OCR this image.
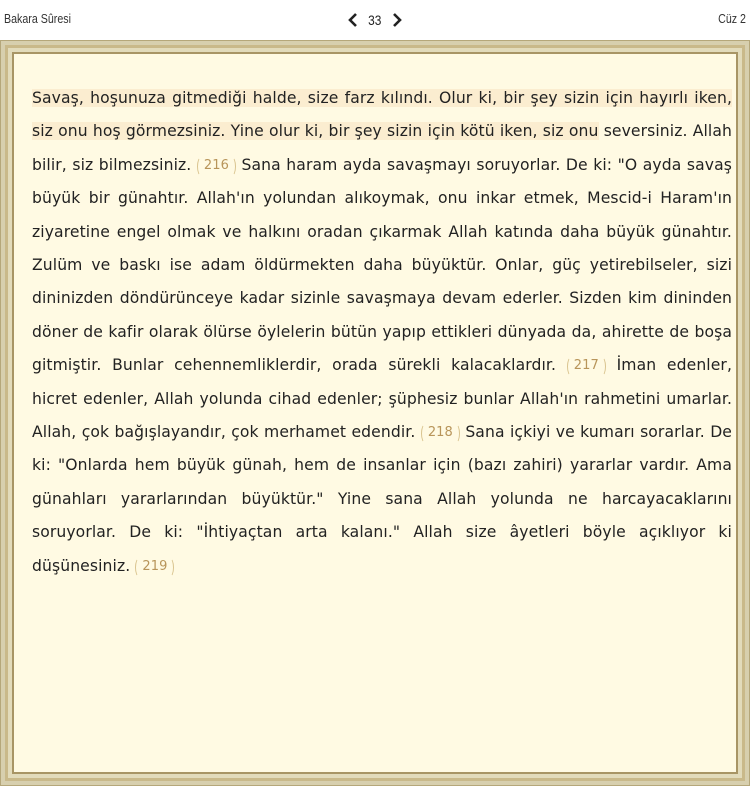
Bakara Sûresi	33	Cüz 2
Savaş, hoşunuza gitmediği halde, size farz kılındı. Olur ki, bir şey sizin için hayırlı iken, siz onu hoş görmezsiniz. Yine olur ki, bir şey sizin için kötü iken, siz onu seversiniz. Allah bilir, siz bilmezsiniz. 216 Sana haram ayda savaşmayı soruyorlar. De ki: "O ayda savaş büyük bir günahtır. Allah'ın yolundan alıkoymak, onu inkar etmek, Mescid-i Haram'ın ziyaretine engel olmak ve halkını oradan çıkarmak Allah katında daha büyük günahtır. Zulüm ve baskı ise adam öldürmekten daha büyüktür. Onlar, güç yetirebilseler, sizi dininizden döndürünceye kadar sizinle savaşmaya devam ederler. Sizden kim dininden döner de kafir olarak ölürse öylelerin bütün yapıp ettikleri dünyada da, ahirette de boşa gitmiştir. Bunlar cehennemliklerdir, orada sürekli kalacaklardır. 217 İman edenler, hicret edenler, Allah yolunda cihad edenler; şüphesiz bunlar Allah'ın rahmetini umarlar. Allah, çok bağışlayandır, çok merhamet edendir. 218 Sana içkiyi ve kumarı sorarlar. De ki: "Onlarda hem büyük günah, hem de insanlar için (bazı zahiri) yararlar vardır. Ama günahları yararlarından büyüktür." Yine sana Allah yolunda ne harcayacaklarını soruyorlar. De ki: "İhtiyaçtan arta kalanı." Allah size âyetleri böyle açıklıyor ki düşünesiniz. 219
